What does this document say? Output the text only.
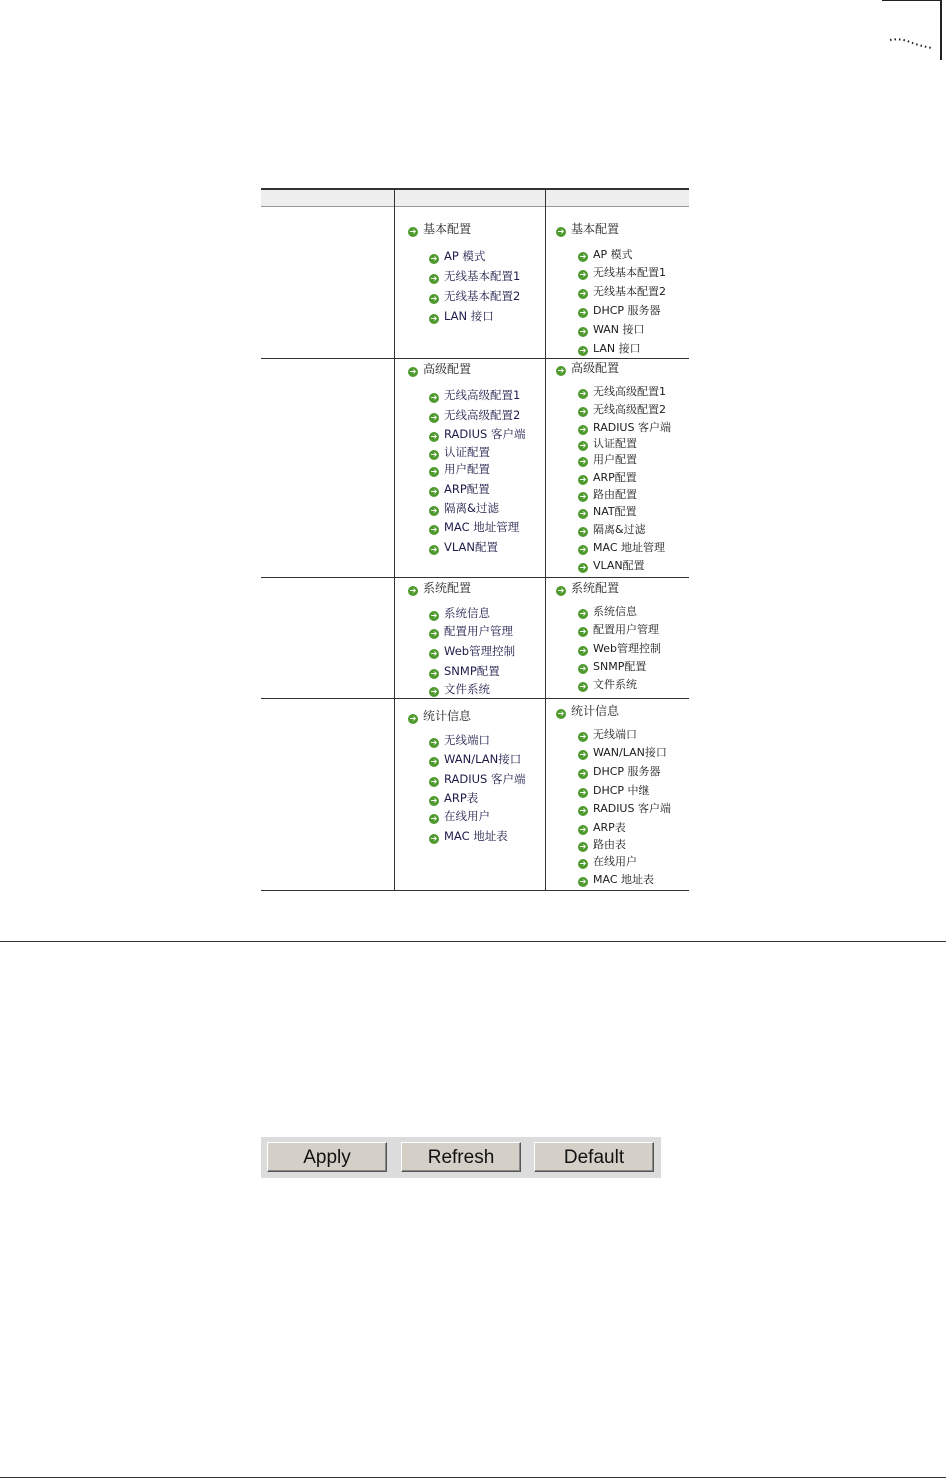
➔ 基本配置
➔ AP 模式
➔ 无线基本配置1
➔ 无线基本配置2
➔ LAN 接口
➔ 高级配置
➔ 无线高级配置1
➔ 无线高级配置2
➔ RADIUS 客户端
➔ 认证配置
➔ 用户配置
➔ ARP配置
➔ 隔离&过滤
➔ MAC 地址管理
➔ VLAN配置
➔ 系统配置
➔ 系统信息
➔ 配置用户管理
➔ Web管理控制
➔ SNMP配置
➔ 文件系统
➔ 统计信息
➔ 无线端口
➔ WAN/LAN接口
➔ RADIUS 客户端
➔ ARP表
➔ 在线用户
➔ MAC 地址表
➔ 基本配置
➔ AP 模式
➔ 无线基本配置1
➔ 无线基本配置2
➔ DHCP 服务器
➔ WAN 接口
➔ LAN 接口
➔ 高级配置
➔ 无线高级配置1
➔ 无线高级配置2
➔ RADIUS 客户端
➔ 认证配置
➔ 用户配置
➔ ARP配置
➔ 路由配置
➔ NAT配置
➔ 隔离&过滤
➔ MAC 地址管理
➔ VLAN配置
➔ 系统配置
➔ 系统信息
➔ 配置用户管理
➔ Web管理控制
➔ SNMP配置
➔ 文件系统
➔ 统计信息
➔ 无线端口
➔ WAN/LAN接口
➔ DHCP 服务器
➔ DHCP 中继
➔ RADIUS 客户端
➔ ARP表
➔ 路由表
➔ 在线用户
➔ MAC 地址表
Apply	Refresh	Default
